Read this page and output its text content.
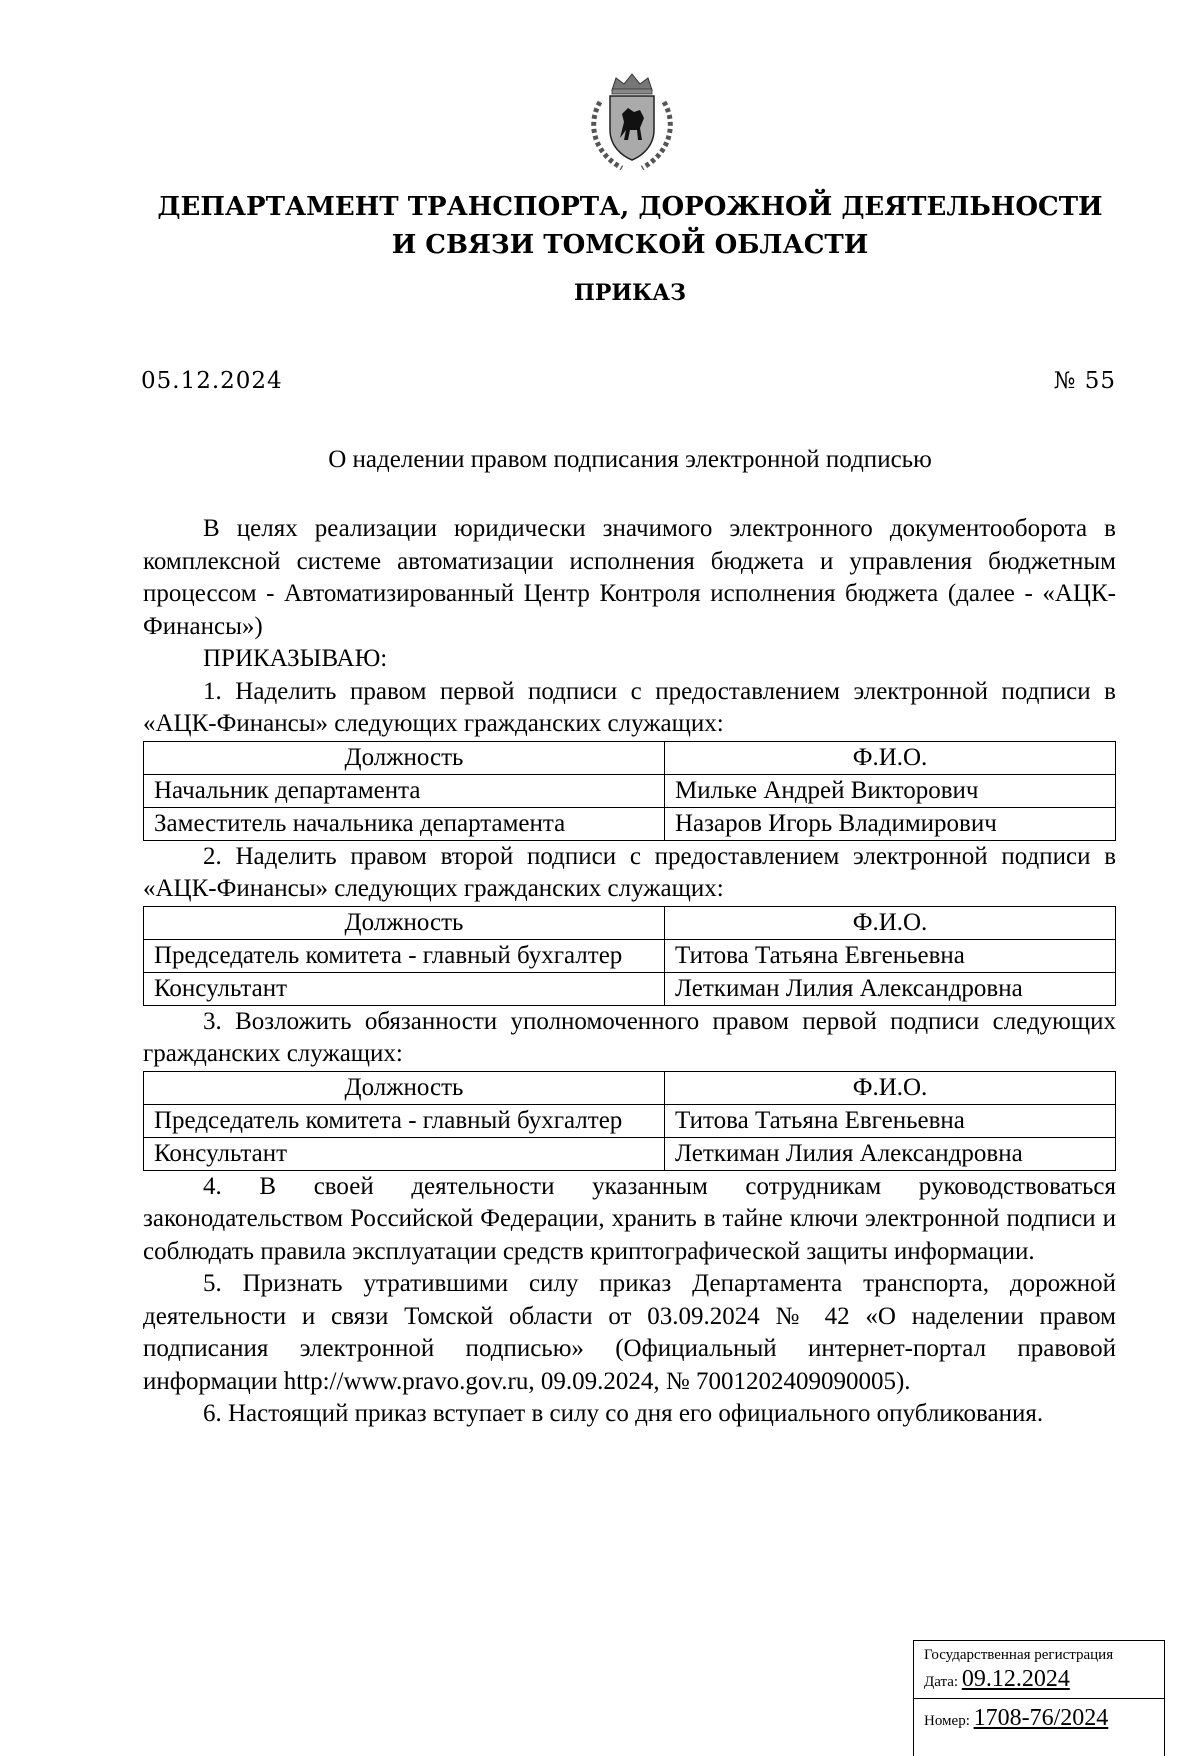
ДЕПАРТАМЕНТ ТРАНСПОРТА, ДОРОЖНОЙ ДЕЯТЕЛЬНОСТИ
И СВЯЗИ ТОМСКОЙ ОБЛАСТИ
ПРИКАЗ
05.12.2024	№ 55
О наделении правом подписания электронной подписью

В целях реализации юридически значимого электронного документооборота в комплексной системе автоматизации исполнения бюджета и управления бюджетным процессом - Автоматизированный Центр Контроля исполнения бюджета (далее - «АЦК-Финансы»)

ПРИКАЗЫВАЮ:

1. Наделить правом первой подписи с предоставлением электронной подписи в «АЦК-Финансы» следующих гражданских служащих:

Должность	Ф.И.О.
Начальник департамента	Мильке Андрей Викторович
Заместитель начальника департамента	Назаров Игорь Владимирович

2. Наделить правом второй подписи с предоставлением электронной подписи в «АЦК-Финансы» следующих гражданских служащих:

Должность	Ф.И.О.
Председатель комитета - главный бухгалтер	Титова Татьяна Евгеньевна
Консультант	Леткиман Лилия Александровна

3. Возложить обязанности уполномоченного правом первой подписи следующих гражданских служащих:

Должность	Ф.И.О.
Председатель комитета - главный бухгалтер	Титова Татьяна Евгеньевна
Консультант	Леткиман Лилия Александровна

4. В своей деятельности указанным сотрудникам руководствоваться законодательством Российской Федерации, хранить в тайне ключи электронной подписи и соблюдать правила эксплуатации средств криптографической защиты информации.

5. Признать утратившими силу приказ Департамента транспорта, дорожной деятельности и связи Томской области от 03.09.2024 № 42 «О наделении правом подписания электронной подписью» (Официальный интернет-портал правовой информации http://www.pravo.gov.ru, 09.09.2024, № 7001202409090005).

6. Настоящий приказ вступает в силу со дня его официального опубликования.

Государственная регистрация
Дата: 09.12.2024
Номер: 1708-76/2024
